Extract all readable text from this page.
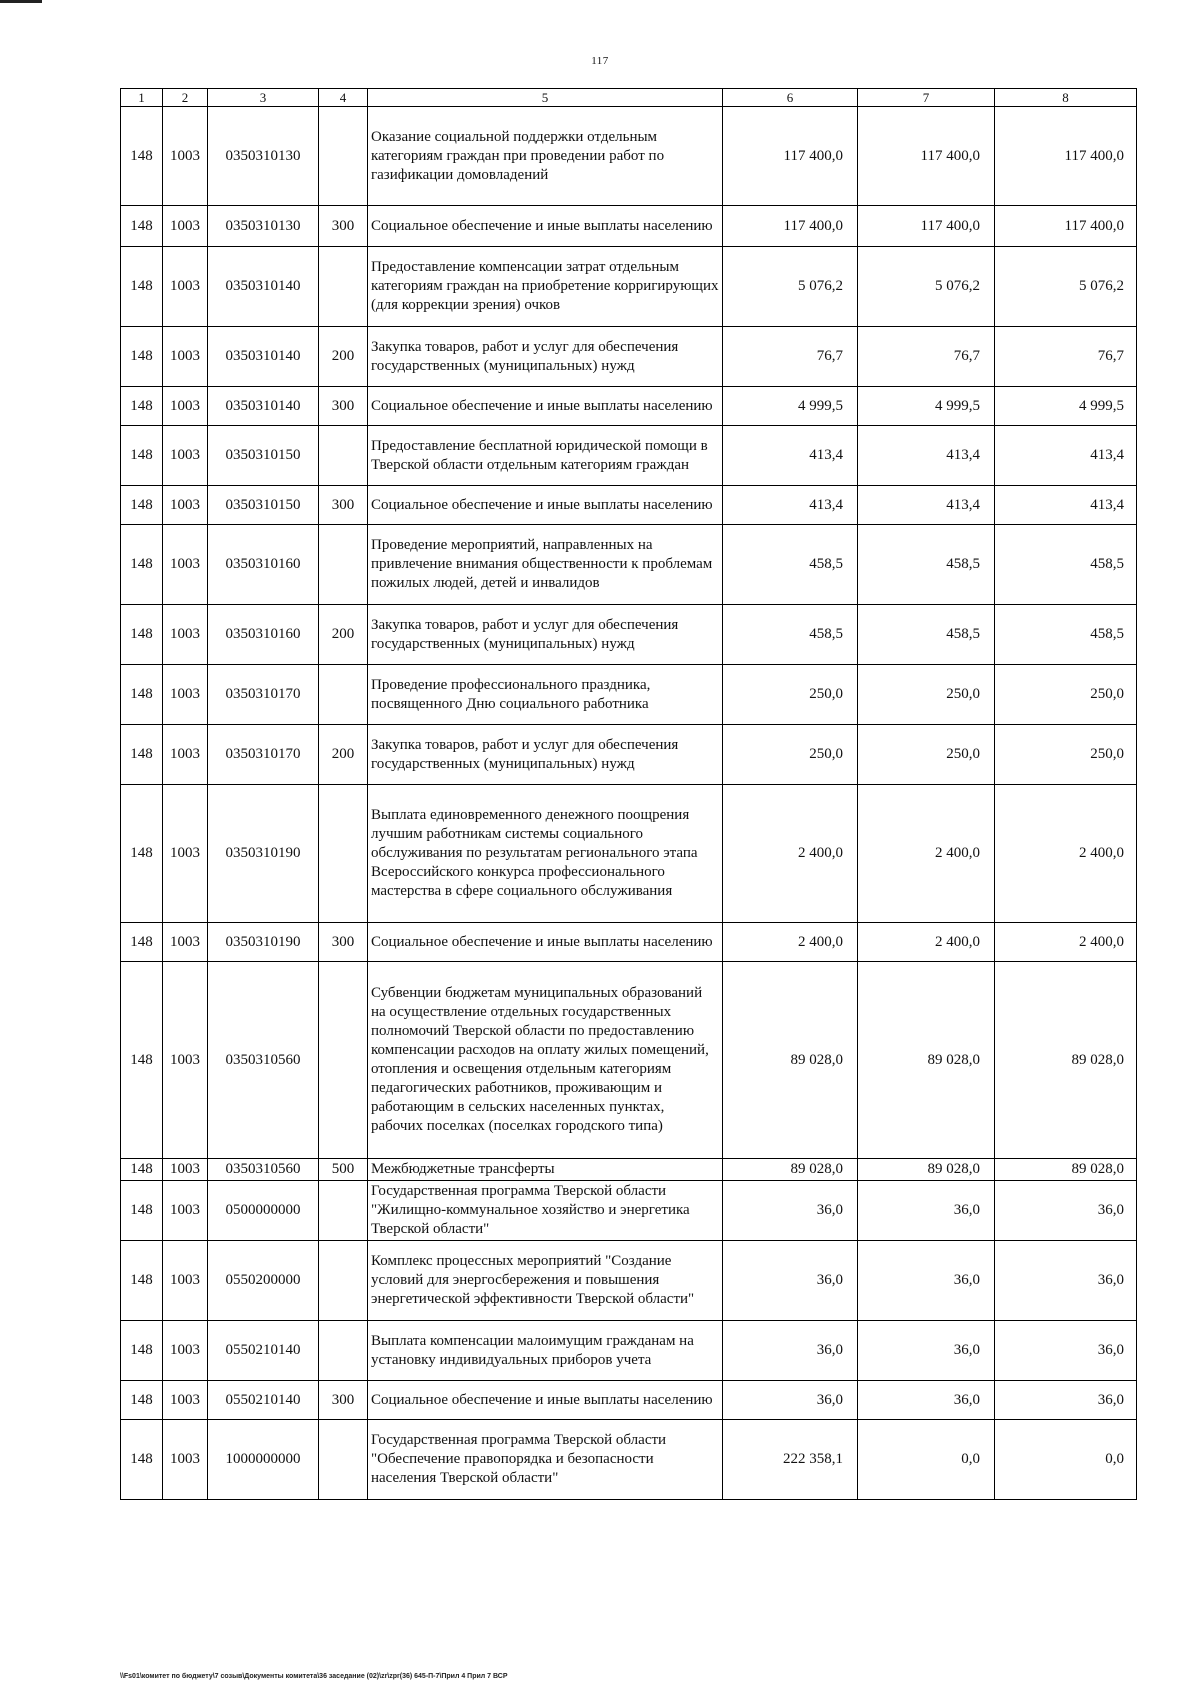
117
1	2	3	4	5	6	7	8
148	1003	0350310130		Оказание социальной поддержки отдельным категориям граждан при проведении работ по газификации домовладений	117 400,0	117 400,0	117 400,0
148	1003	0350310130	300	Социальное обеспечение и иные выплаты населению	117 400,0	117 400,0	117 400,0
148	1003	0350310140		Предоставление компенсации затрат отдельным категориям граждан на приобретение корригирующих (для коррекции зрения) очков	5 076,2	5 076,2	5 076,2
148	1003	0350310140	200	Закупка товаров, работ и услуг для обеспечения государственных (муниципальных) нужд	76,7	76,7	76,7
148	1003	0350310140	300	Социальное обеспечение и иные выплаты населению	4 999,5	4 999,5	4 999,5
148	1003	0350310150		Предоставление бесплатной юридической помощи в Тверской области отдельным категориям граждан	413,4	413,4	413,4
148	1003	0350310150	300	Социальное обеспечение и иные выплаты населению	413,4	413,4	413,4
148	1003	0350310160		Проведение мероприятий, направленных на привлечение внимания общественности к проблемам пожилых людей, детей и инвалидов	458,5	458,5	458,5
148	1003	0350310160	200	Закупка товаров, работ и услуг для обеспечения государственных (муниципальных) нужд	458,5	458,5	458,5
148	1003	0350310170		Проведение профессионального праздника, посвященного Дню социального работника	250,0	250,0	250,0
148	1003	0350310170	200	Закупка товаров, работ и услуг для обеспечения государственных (муниципальных) нужд	250,0	250,0	250,0
148	1003	0350310190		Выплата единовременного денежного поощрения лучшим работникам системы социального обслуживания по результатам регионального этапа Всероссийского конкурса профессионального мастерства в сфере социального обслуживания	2 400,0	2 400,0	2 400,0
148	1003	0350310190	300	Социальное обеспечение и иные выплаты населению	2 400,0	2 400,0	2 400,0
148	1003	0350310560		Субвенции бюджетам муниципальных образований на осуществление отдельных государственных полномочий Тверской области по предоставлению компенсации расходов на оплату жилых помещений, отопления и освещения отдельным категориям педагогических работников, проживающим и работающим в сельских населенных пунктах, рабочих поселках (поселках городского типа)	89 028,0	89 028,0	89 028,0
148	1003	0350310560	500	Межбюджетные трансферты	89 028,0	89 028,0	89 028,0
148	1003	0500000000		Государственная программа Тверской области "Жилищно-коммунальное хозяйство и энергетика Тверской области"	36,0	36,0	36,0
148	1003	0550200000		Комплекс процессных мероприятий "Создание условий для энергосбережения и повышения энергетической эффективности Тверской области"	36,0	36,0	36,0
148	1003	0550210140		Выплата компенсации малоимущим гражданам на установку индивидуальных приборов учета	36,0	36,0	36,0
148	1003	0550210140	300	Социальное обеспечение и иные выплаты населению	36,0	36,0	36,0
148	1003	1000000000		Государственная программа Тверской области "Обеспечение правопорядка и безопасности населения Тверской области"	222 358,1	0,0	0,0
\\Fs01\комитет по бюджету\7 созыв\Документы комитета\36 заседание (02)\zr\zpr(36) 645-П-7\Прил 4 Прил 7 ВСР
